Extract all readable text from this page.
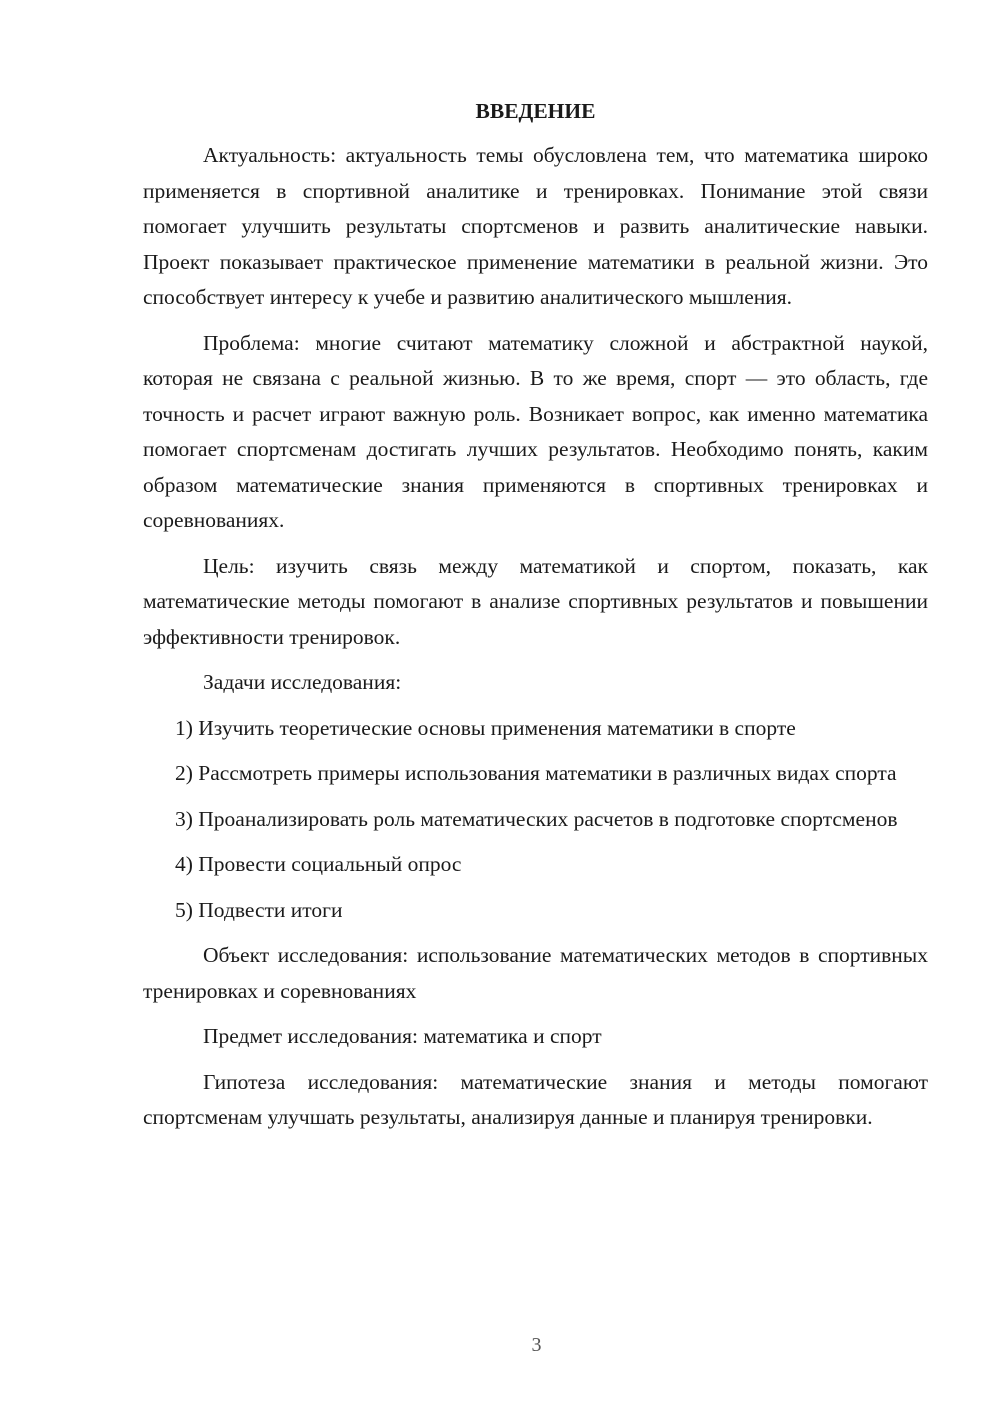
ВВЕДЕНИЕ

Актуальность: актуальность темы обусловлена тем, что математика широко применяется в спортивной аналитике и тренировках. Понимание этой связи помогает улучшить результаты спортсменов и развить аналитические навыки. Проект показывает практическое применение математики в реальной жизни. Это способствует интересу к учебе и развитию аналитического мышления.

Проблема: многие считают математику сложной и абстрактной наукой, которая не связана с реальной жизнью. В то же время, спорт — это область, где точность и расчет играют важную роль. Возникает вопрос, как именно математика помогает спортсменам достигать лучших результатов. Необходимо понять, каким образом математические знания применяются в спортивных тренировках и соревнованиях.

Цель: изучить связь между математикой и спортом, показать, как математические методы помогают в анализе спортивных результатов и повышении эффективности тренировок.

Задачи исследования:

1) Изучить теоретические основы применения математики в спорте

2) Рассмотреть примеры использования математики в различных видах спорта

3) Проанализировать роль математических расчетов в подготовке спортсменов

4) Провести социальный опрос

5) Подвести итоги

Объект исследования: использование математических методов в спортивных тренировках и соревнованиях

Предмет исследования: математика и спорт

Гипотеза исследования: математические знания и методы помогают спортсменам улучшать результаты, анализируя данные и планируя тренировки.

3
